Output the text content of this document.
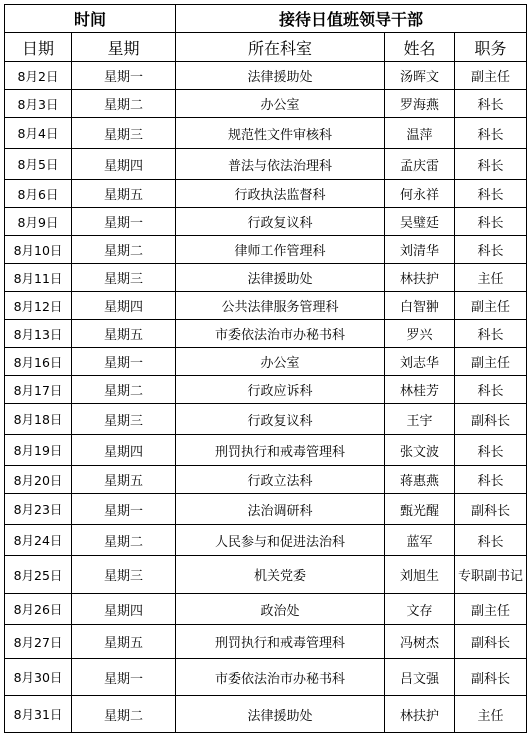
时间		接待日值班领导干部		
日期	星期	所在科室	姓名	职务
8月2日	星期一	法律援助处	汤晖文	副主任
8月3日	星期二	办公室	罗海燕	科长
8月4日	星期三	规范性文件审核科	温萍	科长
8月5日	星期四	普法与依法治理科	孟庆雷	科长
8月6日	星期五	行政执法监督科	何永祥	科长
8月9日	星期一	行政复议科	吴璧廷	科长
8月10日	星期二	律师工作管理科	刘清华	科长
8月11日	星期三	法律援助处	林扶护	主任
8月12日	星期四	公共法律服务管理科	白智翀	副主任
8月13日	星期五	市委依法治市办秘书科	罗兴	科长
8月16日	星期一	办公室	刘志华	副主任
8月17日	星期二	行政应诉科	林桂芳	科长
8月18日	星期三	行政复议科	王宇	副科长
8月19日	星期四	刑罚执行和戒毒管理科	张文波	科长
8月20日	星期五	行政立法科	蒋惠燕	科长
8月23日	星期一	法治调研科	甄光醒	副科长
8月24日	星期二	人民参与和促进法治科	蓝军	科长
8月25日	星期三	机关党委	刘旭生	专职副书记
8月26日	星期四	政治处	文存	副主任
8月27日	星期五	刑罚执行和戒毒管理科	冯树杰	副科长
8月30日	星期一	市委依法治市办秘书科	吕文强	副科长
8月31日	星期二	法律援助处	林扶护	主任
